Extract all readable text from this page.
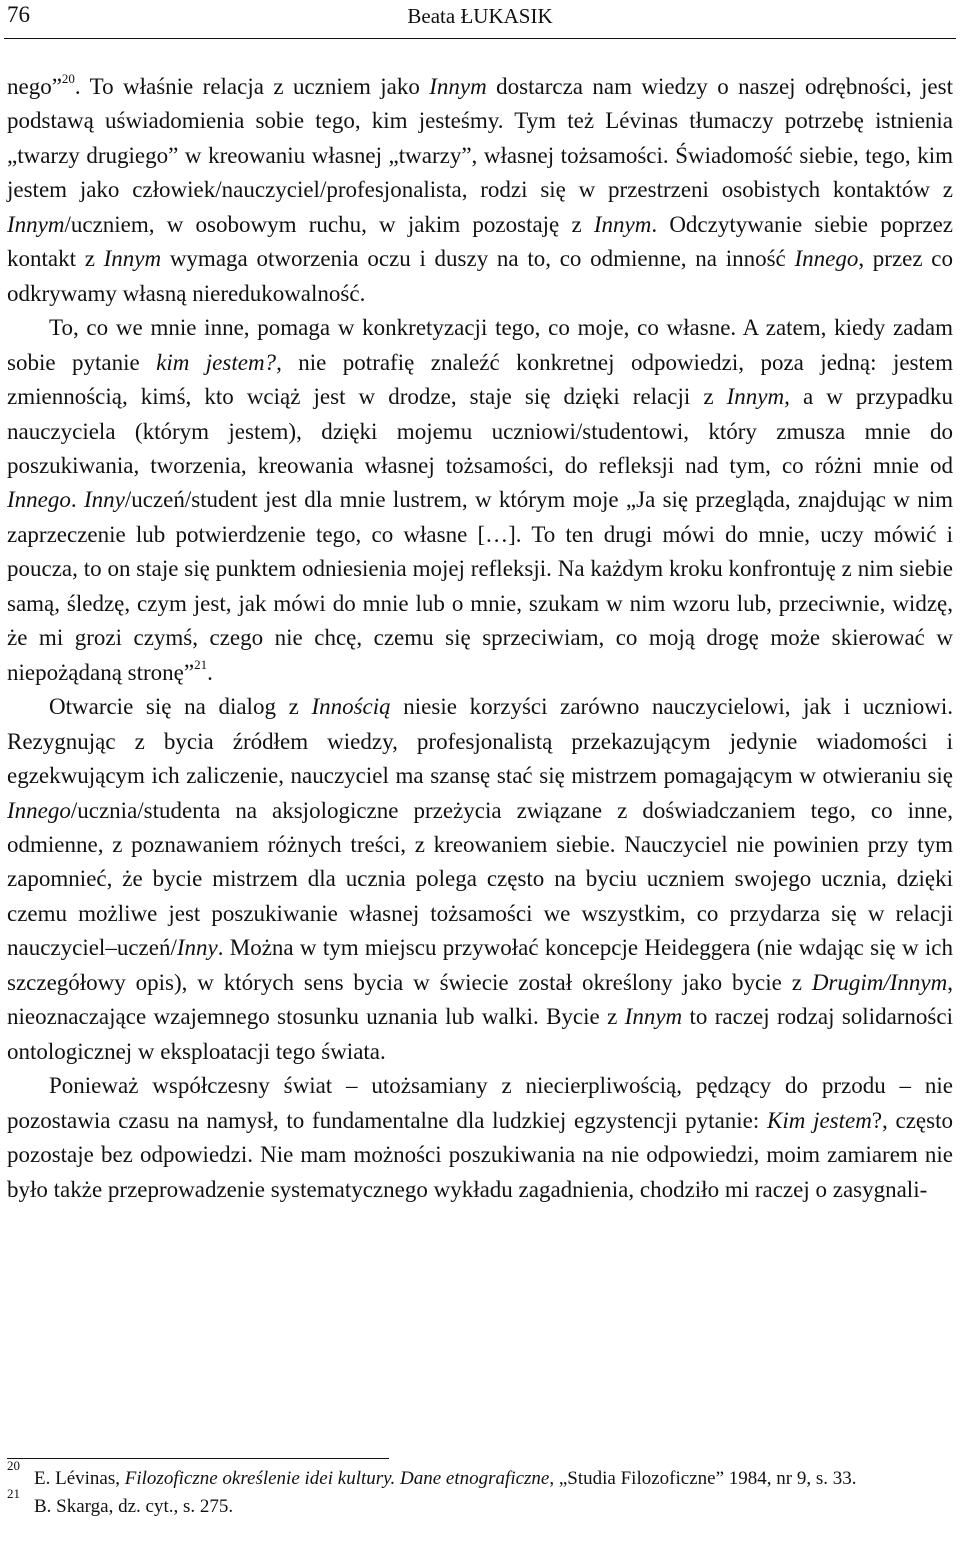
76	Beata ŁUKASIK

nego”$^{20}$. To właśnie relacja z uczniem jako Innym dostarcza nam wiedzy o naszej odrębności, jest podstawą uświadomienia sobie tego, kim jesteśmy. Tym też Lévinas tłumaczy potrzebę istnienia „twarzy drugiego” w kreowaniu własnej „twarzy”, własnej tożsamości. Świadomość siebie, tego, kim jestem jako człowiek/nauczyciel/profesjonalista, rodzi się w przestrzeni osobistych kontaktów z Innym/uczniem, w osobowym ruchu, w jakim pozostaję z Innym. Odczytywanie siebie poprzez kontakt z Innym wymaga otworzenia oczu i duszy na to, co odmienne, na inność Innego, przez co odkrywamy własną nieredukowalność.

To, co we mnie inne, pomaga w konkretyzacji tego, co moje, co własne. A zatem, kiedy zadam sobie pytanie kim jestem?, nie potrafię znaleźć konkretnej odpowiedzi, poza jedną: jestem zmiennością, kimś, kto wciąż jest w drodze, staje się dzięki relacji z Innym, a w przypadku nauczyciela (którym jestem), dzięki mojemu uczniowi/studentowi, który zmusza mnie do poszukiwania, tworzenia, kreowania własnej tożsamości, do refleksji nad tym, co różni mnie od Innego. Inny/uczeń/student jest dla mnie lustrem, w którym moje „Ja się przegląda, znajdując w nim zaprzeczenie lub potwierdzenie tego, co własne […]. To ten drugi mówi do mnie, uczy mówić i poucza, to on staje się punktem odniesienia mojej refleksji. Na każdym kroku konfrontuję z nim siebie samą, śledzę, czym jest, jak mówi do mnie lub o mnie, szukam w nim wzoru lub, przeciwnie, widzę, że mi grozi czymś, czego nie chcę, czemu się sprzeciwiam, co moją drogę może skierować w niepożądaną stronę”$^{21}$.

Otwarcie się na dialog z Innością niesie korzyści zarówno nauczycielowi, jak i uczniowi. Rezygnując z bycia źródłem wiedzy, profesjonalistą przekazującym jedynie wiadomości i egzekwującym ich zaliczenie, nauczyciel ma szansę stać się mistrzem pomagającym w otwieraniu się Innego/ucznia/studenta na aksjologiczne przeżycia związane z doświadczaniem tego, co inne, odmienne, z poznawaniem różnych treści, z kreowaniem siebie. Nauczyciel nie powinien przy tym zapomnieć, że bycie mistrzem dla ucznia polega często na byciu uczniem swojego ucznia, dzięki czemu możliwe jest poszukiwanie własnej tożsamości we wszystkim, co przydarza się w relacji nauczyciel–uczeń/Inny. Można w tym miejscu przywołać koncepcje Heideggera (nie wdając się w ich szczegółowy opis), w których sens bycia w świecie został określony jako bycie z Drugim/Innym, nieoznaczające wzajemnego stosunku uznania lub walki. Bycie z Innym to raczej rodzaj solidarności ontologicznej w eksploatacji tego świata.

Ponieważ współczesny świat – utożsamiany z niecierpliwością, pędzący do przodu – nie pozostawia czasu na namysł, to fundamentalne dla ludzkiej egzystencji pytanie: Kim jestem?, często pozostaje bez odpowiedzi. Nie mam możności poszukiwania na nie odpowiedzi, moim zamiarem nie było także przeprowadzenie systematycznego wykładu zagadnienia, chodziło mi raczej o zasygnali-

20
E. Lévinas, Filozoficzne określenie idei kultury. Dane etnograficzne, „Studia Filozoficzne” 1984, nr 9, s. 33.

21
B. Skarga, dz. cyt., s. 275.
